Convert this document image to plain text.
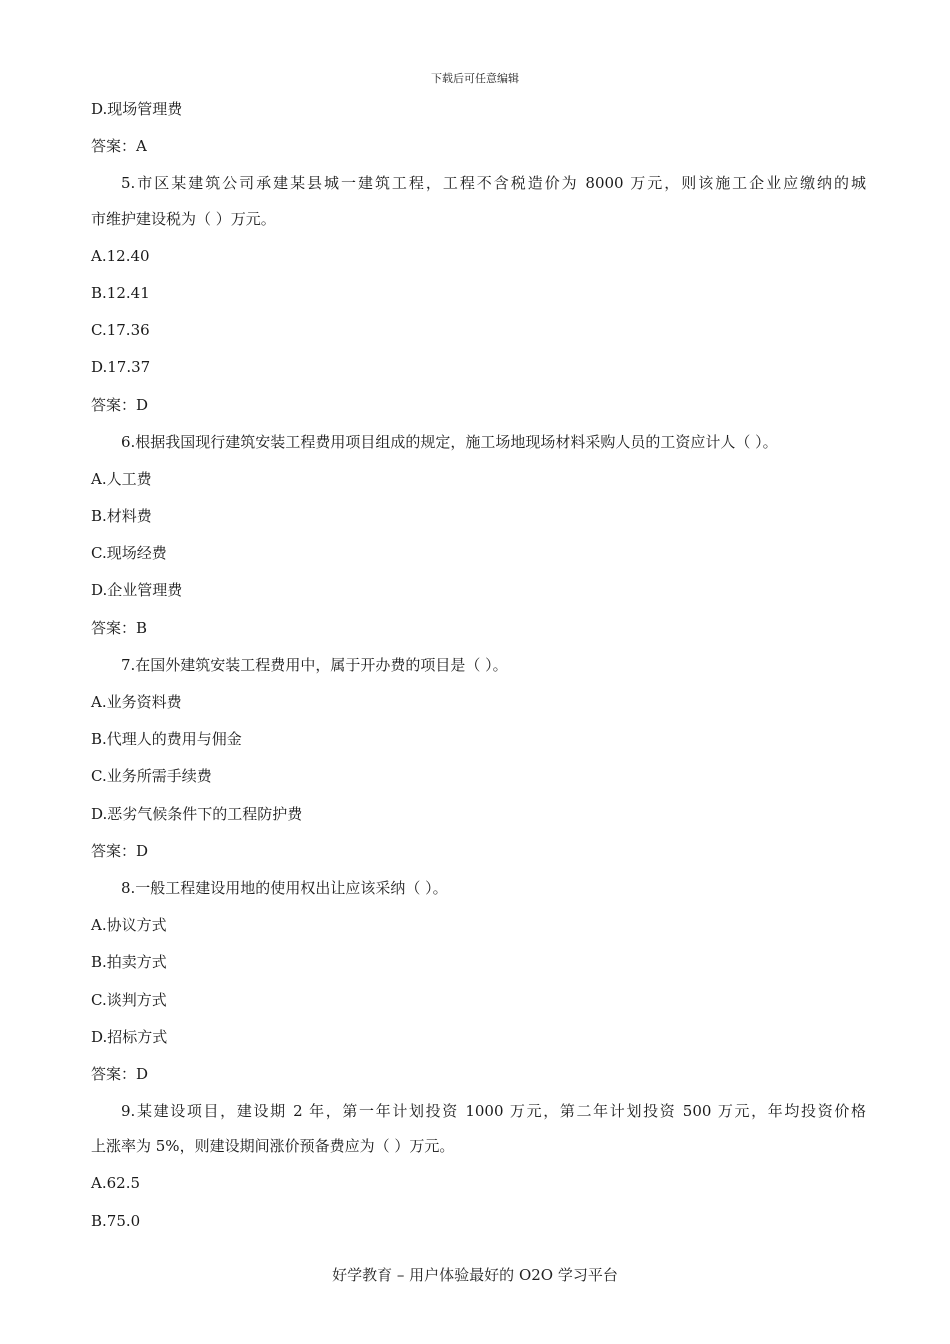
下载后可任意编辑
D.现场管理费
答案：A
5.市区某建筑公司承建某县城一建筑工程，工程不含税造价为 8000 万元，则该施工企业应缴纳的城
市维护建设税为（ ）万元。
A.12.40
B.12.41
C.17.36
D.17.37
答案：D
6.根据我国现行建筑安装工程费用项目组成的规定，施工场地现场材料采购人员的工资应计人（ ）。
A.人工费
B.材料费
C.现场经费
D.企业管理费
答案：B
7.在国外建筑安装工程费用中，属于开办费的项目是（ ）。
A.业务资料费
B.代理人的费用与佣金
C.业务所需手续费
D.恶劣气候条件下的工程防护费
答案：D
8.一般工程建设用地的使用权出让应该采纳（ ）。
A.协议方式
B.拍卖方式
C.谈判方式
D.招标方式
答案：D
9.某建设项目，建设期 2 年，第一年计划投资 1000 万元，第二年计划投资 500 万元，年均投资价格
上涨率为 5%，则建设期间涨价预备费应为（ ）万元。
A.62.5
B.75.0
好学教育 – 用户体验最好的 O2O 学习平台
